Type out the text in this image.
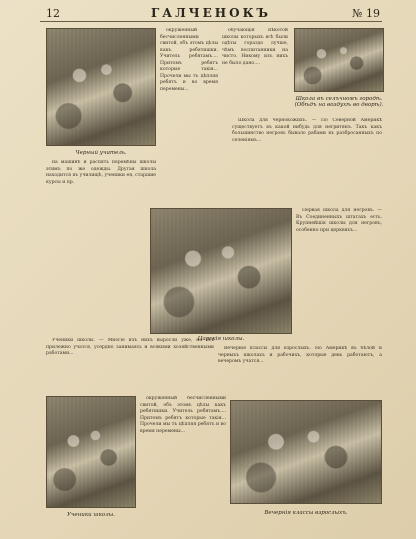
12	ГАЛЧЕНОКЪ	№ 19
Черный учитель.

окружённый бесчисленными свитой, объ этомъ цѣлы какъ ребятишки. Учитель ребятамъ.... Притомъ ребятъ которые такія... Прочели мы тъ цѣпляя ребятъ и во время перемены...

обучающія нѣкотой школы которыхъ всѣ были одѣты гораздо лучше, чѣмъ воспитанники на чисто. Никому изъ нихъ не было дано....

Школа въ селъчномъ городѣ.
(Обѣдъ на воздухѣ во дворѣ).

Школа для чернокожихъ. — По Северной Америкѣ существуетъ въ какой нибудь для негритянъ. Такъ какъ большинство негровъ бывало рабами въ разбросанныхъ по селеніямъ...

на машинѣ и распять перемѣны школы этимъ по же одежды. Другая школа находится въ училищѣ, ученики ея, старшие курсы и пр.

Царскія школы.

Первая школа для негровъ. — Въ Соединенныхъ штатахъ есть. Крупнейшія школы для негровъ, особенно при церквяхъ...

Ученики школы. — Многіе изъ нихъ выросли уже, но всѣ прилежно учатся, усердно занимаясь и всякими хозяйственными работами...

Вечерніе классы для взрослыхъ. Но Америкѣ въ бѣлой и черныхъ школахъ и рабочихъ, которые день работаютъ, а вечеромъ учатся...

Ученики школы.

окружённый бесчисленными свитой, объ этомъ цѣлы какъ ребятишки. Учитель ребятамъ.... Притомъ ребятъ которые такія... Прочели мы тъ цѣпляя ребятъ и во время перемены...

Вечернія классы взрослыхъ.
